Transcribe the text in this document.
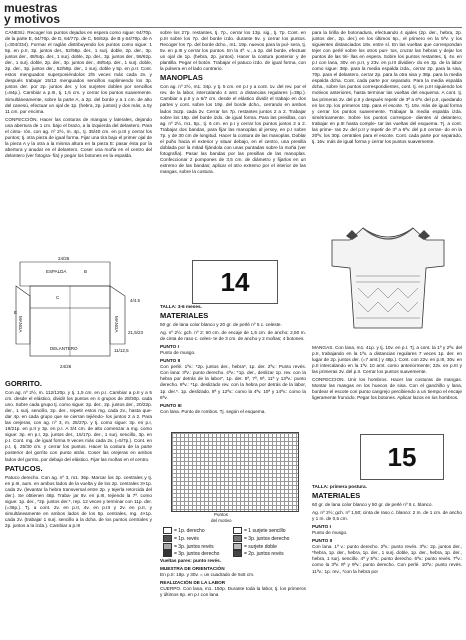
muestras
y motivos

CANESÚ. Recoger los puntos dejados en espera como sigue: 64/70p. de la parte E, 64/70p. de D, 64/77p. de C, 56/62p. de B y 64/70p. de A (=304/334). Formar el raglán distribuyendo los puntos como sigue: 1 5p. en p.II, 3p. juntos der., 52/58p. der., 1 surj. doble, 2p. der., 3p. juntos der., 48/54p. der., 1 surj. doble, 2p. der., 3p. juntos der., 56/62p. der., 1 surj. doble, 2p. der., 3p. juntos der., 48/54p. der., 1 surj. doble, 2p. der., 3p. juntos der., 52/58p. der., 1 surj. doble y 5p. en p.II. Cont. estos menguados superponiéndolos 2/5 veces más cada 2v. y después trabajar 15/12 menguados sencillos suplimiendo los 3p. juntos der. por 2p. juntos der. y los surjetes dobles por sencillos (=84p.). Cambiar a p.III, tj. 1,5 cm. y cerrar los puntos suavemente. Simultáneamente, sobre la parte A, a 2p. del borde y a 1 cm. de alto del canesú, efectuar un ojal de 1p. (hebra, 2p. juntos) y dos más, a 5y 11 cm. por encima.

CONFECCIÓN. Hacer las costuras de mangas y laterales, dejando una abertura de 1 cm. bajo el brazo, a la izquierda del delantero. Para el cintu- rón, con ag. nº 2½, m. 4p., tj. 35/40 cm. en p.III y cerrar los puntos; tj. otra pieza de igual forma. Fijar una tira bajo el primer ojal de la pieza A y la otra a la misma altura en la pieza E: pasar ésta por la abertura y anudar en el delantero. Coser una moña en el centro del delantero (ver fotogra- fía) y pegar los botones en la espalda.

ESPALDA	B
C
E
MANGA	MANGA
DELANTERO
24/26
4/4.5
21,5/23
11/12,5
24/26
GORRITO.

Con ag. nº 2½, m. 112/120p. y tj. 1,5 cm. en p.I. Cambiar a p.II y a 5 cm. desde el elástico, dividir los puntos en 4 grupos de 28/30p. cada uno. Sobre cada grupo tj. como sigue: 2p. der., 2p. juntos der., 20/22p. der., 1 surj. sencillo, 2p. der., repetir estos mg. cada 2v., hasta que- dar 4p. en cada grupo que se cierran tejiéndo- los juntos 2 a 2. Para las orejeras, con ag. nº 3, m. 25/27p. y tj. como sigue: 3p. en p.I, 19/21p. en p.II y 3p. en p.I. A 3/4 cm. de alto comenzar a mg. como sigue: 3p. en p.I, 2p. juntos der., 15/17p. der., 1 surj. sencillo, 3p. en p.I. Cont. mg. de igual forma 9 veces más cada 2v. (=5/7p.). Cont. en p.I, tj. 25/30 cm. y cerrar los puntos. Hacer la costura de la parte posterior del gorrito con punto atrás. Coser las orejeras en ambos lados del gorrito, por debajo del elástico. Fijar las moñas en el centro.

PATUCOS.

Patuco derecho. Con ag. nº 3, m1. 36p. Marcar los 2p. centrales y tj. en p.III, aum. en ambos lados de la vuelta y de los 2p. centrales 3×1p. cada 2v. (levantar la hebra transversal entre 2p. y tejerla retorcida del der.). Se obtienen 48p. Traba- jar 8v. en p.III, tejiendo la 7ª. como sigue: 1p. der., *2p. juntos der.*, rep. 12 veces y terminar con 11p. der. (=36p.). Tj. a cont. 2v. en p.II, 4v. en p.III y 2v. en p.II, y simultáneamente en ambos lados de los 5p. centrales, mg. 4×1p. cada 2v. (trabajar 1 surj. sencillo a la dcha. de los puntos centrales y 2p. juntos a la izda.). Cambiar a p.III

sobre los 27p. restantes, tj. 7p., cerrar los 13p. sig., tj. 7p. Cont. en p.III sobre los 7p. del borde izdo. durante 5v. y cerrar los puntos. Recoger los 7p. del borde dcho., m1. 19p. nuevos para la pul- sera, tj. 5v. en p.III y cerrar los puntos. En la 4ª. v., a 2p. del borde, efectuar un ojal de 1p. (hebra, 2p. juntos). Hacer la costura posterior y de plantilla. Pegar el botón. Trabajar el patuco izdo. de igual forma, con la pulsera en el lado contrario.

MANOPLAS

Con ag. nº 2½, m1. 34p. y tj. 5 cm. en p.I y a cont. 1v. del rev. por el rev. de la labor, intercalando 4 amt. a distancias regulares (=38p.). Cambiar a p.II y a 6/7 cm. desde el elástico dividir el trabajo en dos partes y cont. sobre los 19p. del borde dcho., cerrando en ambos lados 3x2p. cada 2v. Cerrar los 7p. restantes juntos 2 a 2. Trabajar sobre los 19p. del borde izdo. de igual forma. Para las presillas, con ag. nº 2½, m1. 5p., tj. 6 cm. en p.I y cerrar los puntos juntos 2 a 2. Trabajar dos bandas, para fijar las manoplas al jersey, en p.I sobre 7p. y de 30 cm de longitud. Hacer la costura de las manoplas. Doblar el puño hacia el exterior y situar debajo, en el centro, una presilla doblada por la mitad fijándola con unas puntadas sobre la moña (ver fotografía). Pasar las bandas por las presillas de las manoplas. Confeccionar 2 pompones de 3,5 cm. de diámetro y fijarlos en un extremo de las bandas; aplicar el otro extremo por el interior de las mangas, sobre la costura.

14

TALLA: 3-6 meses.

MATERIALES

50 gr. de lana color blanco y 20 gr. de perlé nº 5 c. celeste.

Ag. nº 2½: gch. nº 2: 60 cm. de encaje de 1,5 cm. de ancho; 2,50 m. de cinta de raso c. celes- te de 3 cm. de ancho y 2 moñas; 4 botones.

PUNTO I

Punto de musgo.

PUNTO II

Con perlé. 1ªv.: *2p. juntos der., hebra*, 1p. der. 2ªv.: Punto revés. Con lana: 3ªv.: punto derecho. 4ªv.: *1p. der., deslizar 1p. rev. con la hebra por detrás de la labor*, 1p. der. 5ª, 7ª, 9ª, 11ª y 13ªv.: punto derecho. 6ªv.: *1p. deslizado rev. con la hebra por detrás de la labor, 1p. der.*. 1p. deslizado. 8ª y 12ªv.: como la 4ªv. 10ª y 14ªv.: como la 6ªv.

PUNTO III

Con lana. Punto de rombos. Tj. según el esquema.

Puntos
del motivo
= 1p. derecho
= 1p. revés
= 3p. juntos revés
= 3p. juntos derecho
= 1 surjete sencillo
= 3p. juntos derecho
= surjete doble
= 2p. juntos revés

Vueltas pares: punto revés.

MUESTRA DE ORIENTACIÓN

En p.II: 18p. y 30v. = un cuadrado de 5x5 cm.

REALIZACIÓN DE LA LABOR

CUERPO. Con lana, m1. 150p. Durante toda la labor, tj. los primeros y últimos 6p. en p.I con lana

para la tirilla de botonadura, efectuando 4 ojales (2p. der., hebra, 2p. juntos der., 2p. der.) en los últimos 6p., el primero en la 5ªv. y los siguientes distanciados 18v. entre sí. En las vueltas que correspondan tejer con perlé sobre los otros pun- tos, cruzar las hebras y dejar los puntos de las tiri- llas en espera. Sobre los puntos restantes, tj. 4v. en p.I con lana, 30v. en p.II, y 23v. en p.III dividien- do en 3p. de la labor como sigue: 38p. para la media espalda izda., cerrar 2p. para la sisa, 70p. para el delantero, cerrar 2p. para la otra sisa y 38p. para la media espalda dcha. Cont. cada parte por separado. Para la media espalda dcha., sobre los puntos correspondientes, cont. tj. en p.III siguiendo los motivos anteriores, hasta terminar las vueltas del esquema. A cont. tj. las primeras 2v. del p.II y después repetir de 3ª a 6ªv. del p.II, quedando en los 2p. los primeros 18p. para el escote. Tj. 16v. más de igual forma y cerrar los puntos suavemente. Trabajar la media espalda izda. simétricamente. Sobre los puntos correspon- dientes al delantero, trabajar en p.III hasta comple- tar las vueltas del esquema. Tj. a cont. las prime- ras 2v. del p.II y repetir de 3ª a 6ªv. del p.II cerran- do en la 20ªv. los 30p. centrales para el escote. Cont. cada parte por separado, tj. 16v. más de igual forma y cerrar los puntos suavemente.

MANGAS. Con lana, m1. 41p. y tj. 10v. en p.I. Tj. a cont. la 1ª y 2ªv. del p.II, trabajando en la 1ªv. a distancias regulares 7 veces 1p. der. en lugar de 2p. juntos der. (=7 amt.) y 48p.). Cont. con 22v. en p.III, 30v. en p.II intercalando en la 1ªv. 10 amt. como anteriormente; 22v. en p.III y las primeras 2v. del p.II. Cerrar los puntos suavemente.

CONFECCION. Unir los hombros. Hacer las costuras de mangas. Montar las mangas en los huecos de sisa. Con el ganchillo y lana, bordear el escote con punto cangrejo percibiendo a un tiempo el encaje ligeramente fruncido. Pegar los botones. Aplicar lazos en los hombros.

15

TALLA: primera postura.

MATERIALES

60 gr. de lana color blanco y 50 gr. de perlé nº 5 c. blanco.

Ag. nº 2½; gch. nº 1,50; cinta de raso c. blanco: 2 m. de 1 cm. de ancho y 1 m. de 0,5 cm.

PUNTO I

Punto de musgo.

PUNTO II

Con lana. 1ª v.: punto derecho. 2ªv.: punto revés. 3ªv.: 2p. juntos der., *hebra, 1p. der., hebra, 1p. der., 1 surj. doble, 1p. der., hebra, 1p. der., hebra, 1 surj. sencillo. 4ª y 5ªv.: punto derecho. 6ªv.: punto revés. 7ªv.: como la 3ªv. 8ª y 9ªv.: punto derecho. Con perlé. 10ªv.: punto revés. 11ªv.: 1p. rev., *con la hebra por
